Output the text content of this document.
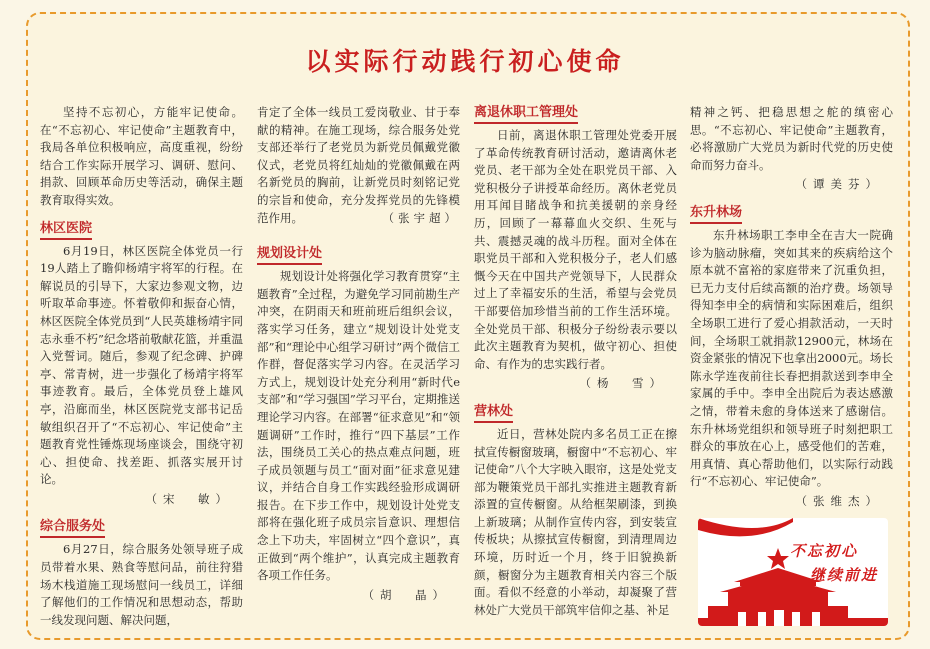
以实际行动践行初心使命

坚持不忘初心，方能牢记使命。在“不忘初心、牢记使命”主题教育中，我局各单位积极响应，高度重视，纷纷结合工作实际开展学习、调研、慰问、捐款、回顾革命历史等活动，确保主题教育取得实效。

林区医院

6月19日，林区医院全体党员一行19人踏上了瞻仰杨靖宇将军的行程。在解说员的引导下，大家边参观文物，边听取革命事迹。怀着敬仰和振奋心情，林区医院全体党员到“人民英雄杨靖宇同志永垂不朽”纪念塔前敬献花篮，并重温入党誓词。随后，参观了纪念碑、护碑亭、常青树，进一步强化了杨靖宇将军事迹教育。最后，全体党员登上雄风亭，沿廊而坐，林区医院党支部书记岳敏组织召开了“不忘初心、牢记使命”主题教育党性锤炼现场座谈会，围绕守初心、担使命、找差距、抓落实展开讨论。
（宋　敏）

综合服务处

6月27日，综合服务处领导班子成员带着水果、熟食等慰问品，前往狩猎场木栈道施工现场慰问一线员工，详细了解他们的工作情况和思想动态，帮助一线发现问题、解决问题，

肯定了全体一线员工爱岗敬业、甘于奉献的精神。在施工现场，综合服务处党支部还举行了老党员为新党员佩戴党徽仪式，老党员将红灿灿的党徽佩戴在两名新党员的胸前，让新党员时刻铭记党的宗旨和使命，充分发挥党员的先锋模范作用。	（张宇超）

规划设计处

规划设计处将强化学习教育贯穿“主题教育”全过程，为避免学习同前勘生产冲突，在阴雨天和班前班后组织会议，落实学习任务，建立“规划设计处党支部”和“理论中心组学习研讨”两个微信工作群，督促落实学习内容。在灵活学习方式上，规划设计处充分利用“新时代e支部”和“学习强国”学习平台，定期推送理论学习内容。在部署“征求意见”和“领题调研”工作时，推行“四下基层”工作法，围绕员工关心的热点难点问题，班子成员领题与员工“面对面”征求意见建议，并结合自身工作实践经验形成调研报告。在下步工作中，规划设计处党支部将在强化班子成员宗旨意识、理想信念上下功夫，牢固树立“四个意识”，真正做到“两个维护”，认真完成主题教育各项工作任务。
（胡　晶）

离退休职工管理处

日前，离退休职工管理处党委开展了革命传统教育研讨活动，邀请离休老党员、老干部为全处在职党员干部、入党积极分子讲授革命经历。离休老党员用耳闻目睹战争和抗美援朝的亲身经历，回顾了一幕幕血火交织、生死与共、震撼灵魂的战斗历程。面对全体在职党员干部和入党积极分子，老人们感慨今天在中国共产党领导下，人民群众过上了幸福安乐的生活，希望与会党员干部要倍加珍惜当前的工作生活环境。全处党员干部、积极分子纷纷表示要以此次主题教育为契机，做守初心、担使命、有作为的忠实践行者。
（杨　雪）

营林处

近日，营林处院内多名员工正在擦拭宣传橱窗玻璃，橱窗中“不忘初心、牢记使命”八个大字映入眼帘，这是处党支部为鞭策党员干部扎实推进主题教育新添置的宣传橱窗。从给框架刷漆，到换上新玻璃；从制作宣传内容，到安装宣传板块；从擦拭宣传橱窗，到清理周边环境，历时近一个月，终于旧貌换新颜，橱窗分为主题教育相关内容三个版面。看似不经意的小举动，却凝聚了营林处广大党员干部筑牢信仰之基、补足

精神之钙、把稳思想之舵的缜密心思。“不忘初心、牢记使命”主题教育，必将激励广大党员为新时代党的历史使命而努力奋斗。

（谭美芬）
东升林场

东升林场职工李申全在吉大一院确诊为脑动脉瘤，突如其来的疾病给这个原本就不富裕的家庭带来了沉重负担，已无力支付后续高额的治疗费。场领导得知李申全的病情和实际困难后，组织全场职工进行了爱心捐款活动，一天时间，全场职工就捐款12900元，林场在资金紧张的情况下也拿出2000元。场长陈永学连夜前往长春把捐款送到李申全家属的手中。李申全出院后为表达感激之情，带着未愈的身体送来了感谢信。东升林场党组织和领导班子时刻把职工群众的事放在心上，感受他们的苦难，用真情、真心帮助他们，以实际行动践行“不忘初心、牢记使命”。
（张维杰）

不忘初心
继续前进
